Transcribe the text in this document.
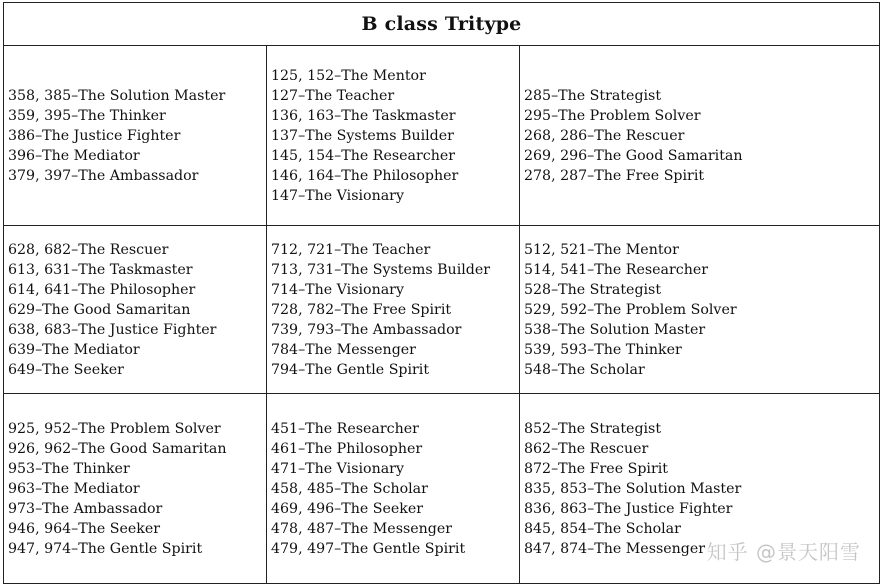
B class Tritype
358, 385–The Solution Master
359, 395–The Thinker
386–The Justice Fighter
396–The Mediator
379, 397–The Ambassador
125, 152–The Mentor
127–The Teacher
136, 163–The Taskmaster
137–The Systems Builder
145, 154–The Researcher
146, 164–The Philosopher
147–The Visionary
285–The Strategist
295–The Problem Solver
268, 286–The Rescuer
269, 296–The Good Samaritan
278, 287–The Free Spirit
628, 682–The Rescuer
613, 631–The Taskmaster
614, 641–The Philosopher
629–The Good Samaritan
638, 683–The Justice Fighter
639–The Mediator
649–The Seeker
712, 721–The Teacher
713, 731–The Systems Builder
714–The Visionary
728, 782–The Free Spirit
739, 793–The Ambassador
784–The Messenger
794–The Gentle Spirit
512, 521–The Mentor
514, 541–The Researcher
528–The Strategist
529, 592–The Problem Solver
538–The Solution Master
539, 593–The Thinker
548–The Scholar
925, 952–The Problem Solver
926, 962–The Good Samaritan
953–The Thinker
963–The Mediator
973–The Ambassador
946, 964–The Seeker
947, 974–The Gentle Spirit
451–The Researcher
461–The Philosopher
471–The Visionary
458, 485–The Scholar
469, 496–The Seeker
478, 487–The Messenger
479, 497–The Gentle Spirit
852–The Strategist
862–The Rescuer
872–The Free Spirit
835, 853–The Solution Master
836, 863–The Justice Fighter
845, 854–The Scholar
847, 874–The Messenger 知乎 @景天阳雪
